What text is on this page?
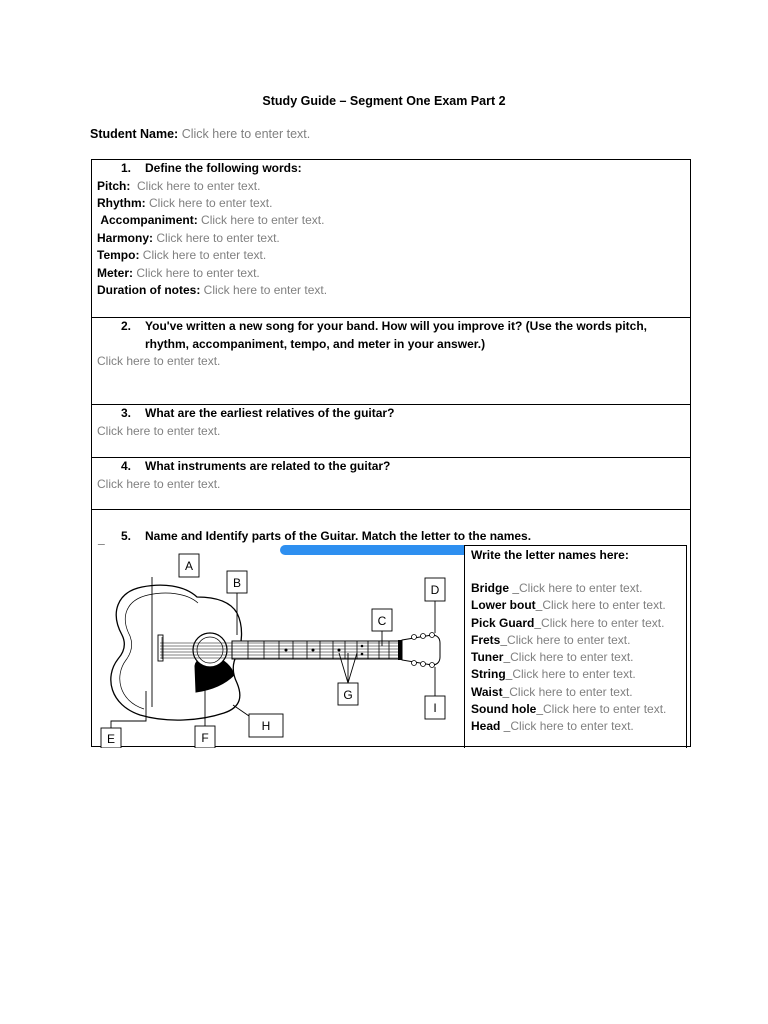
Study Guide – Segment One Exam Part 2
Student Name: Click here to enter text.
1. Define the following words:
Pitch: Click here to enter text.
Rhythm: Click here to enter text.
Accompaniment: Click here to enter text.
Harmony: Click here to enter text.
Tempo: Click here to enter text.
Meter: Click here to enter text.
Duration of notes: Click here to enter text.
2. You've written a new song for your band. How will you improve it? (Use the words pitch, rhythm, accompaniment, tempo, and meter in your answer.)
Click here to enter text.
3. What are the earliest relatives of the guitar?
Click here to enter text.
4. What instruments are related to the guitar?
Click here to enter text.
_ 5. Name and Identify parts of the Guitar. Match the letter to the names.
A
B
C
D
E	F
G
H
I
Write the letter names here:
Bridge _Click here to enter text.
Lower bout_Click here to enter text.
Pick Guard_Click here to enter text.
Frets_Click here to enter text.
Tuner_Click here to enter text.
String_Click here to enter text.
Waist_Click here to enter text.
Sound hole_Click here to enter text.
Head _Click here to enter text.
